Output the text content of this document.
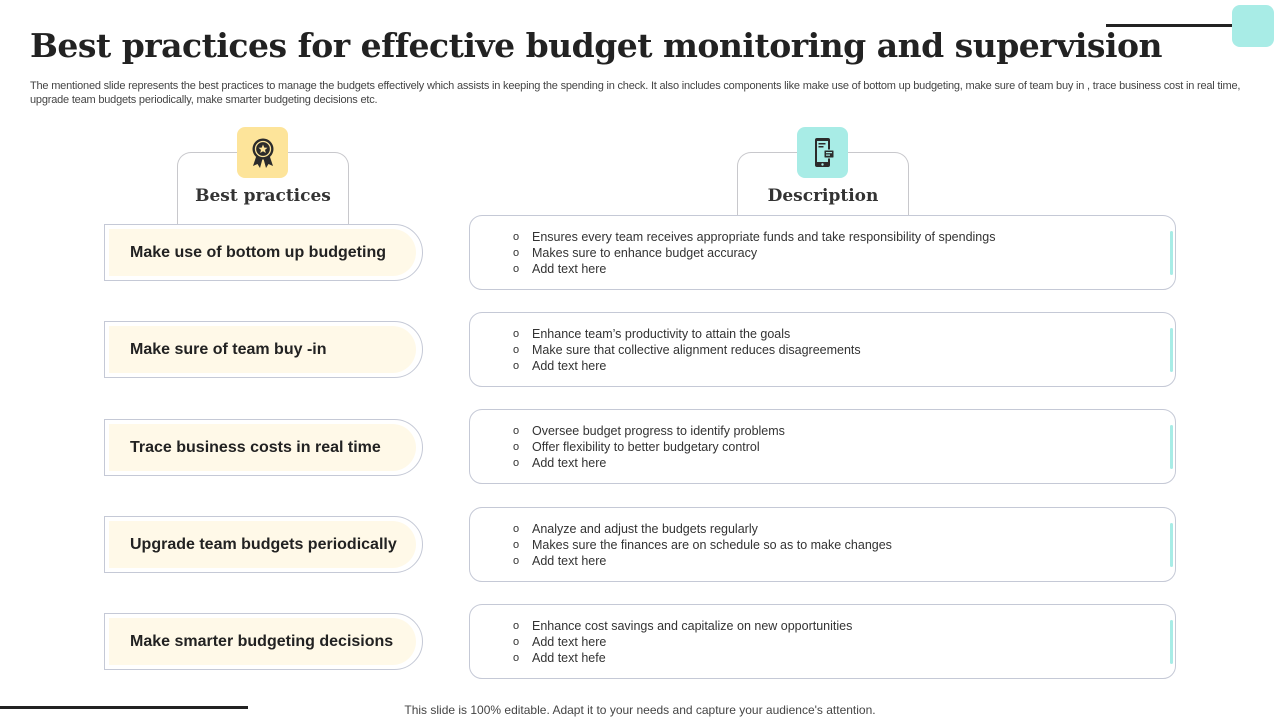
Best practices for effective budget monitoring and supervision

The mentioned slide represents the best practices to manage the budgets effectively which assists in keeping the spending in check. It also includes components like make use of bottom up budgeting, make sure of team buy in , trace business cost in real time, upgrade team budgets periodically, make smarter budgeting decisions etc.

Best practices	Description
Make use of bottom up budgeting
o Ensures every team receives appropriate funds and take responsibility of spendings
o Makes sure to enhance budget accuracy
o Add text here
Make sure of team buy -in
o Enhance team’s productivity to attain the goals
o Make sure that collective alignment reduces disagreements
o Add text here
Trace business costs in real time
o Oversee budget progress to identify problems
o Offer flexibility to better budgetary control
o Add text here
Upgrade team budgets periodically
o Analyze and adjust the budgets regularly
o Makes sure the finances are on schedule so as to make changes
o Add text here
Make smarter budgeting decisions
o Enhance cost savings and capitalize on new opportunities
o Add text here
o Add text hefe
This slide is 100% editable. Adapt it to your needs and capture your audience's attention.
